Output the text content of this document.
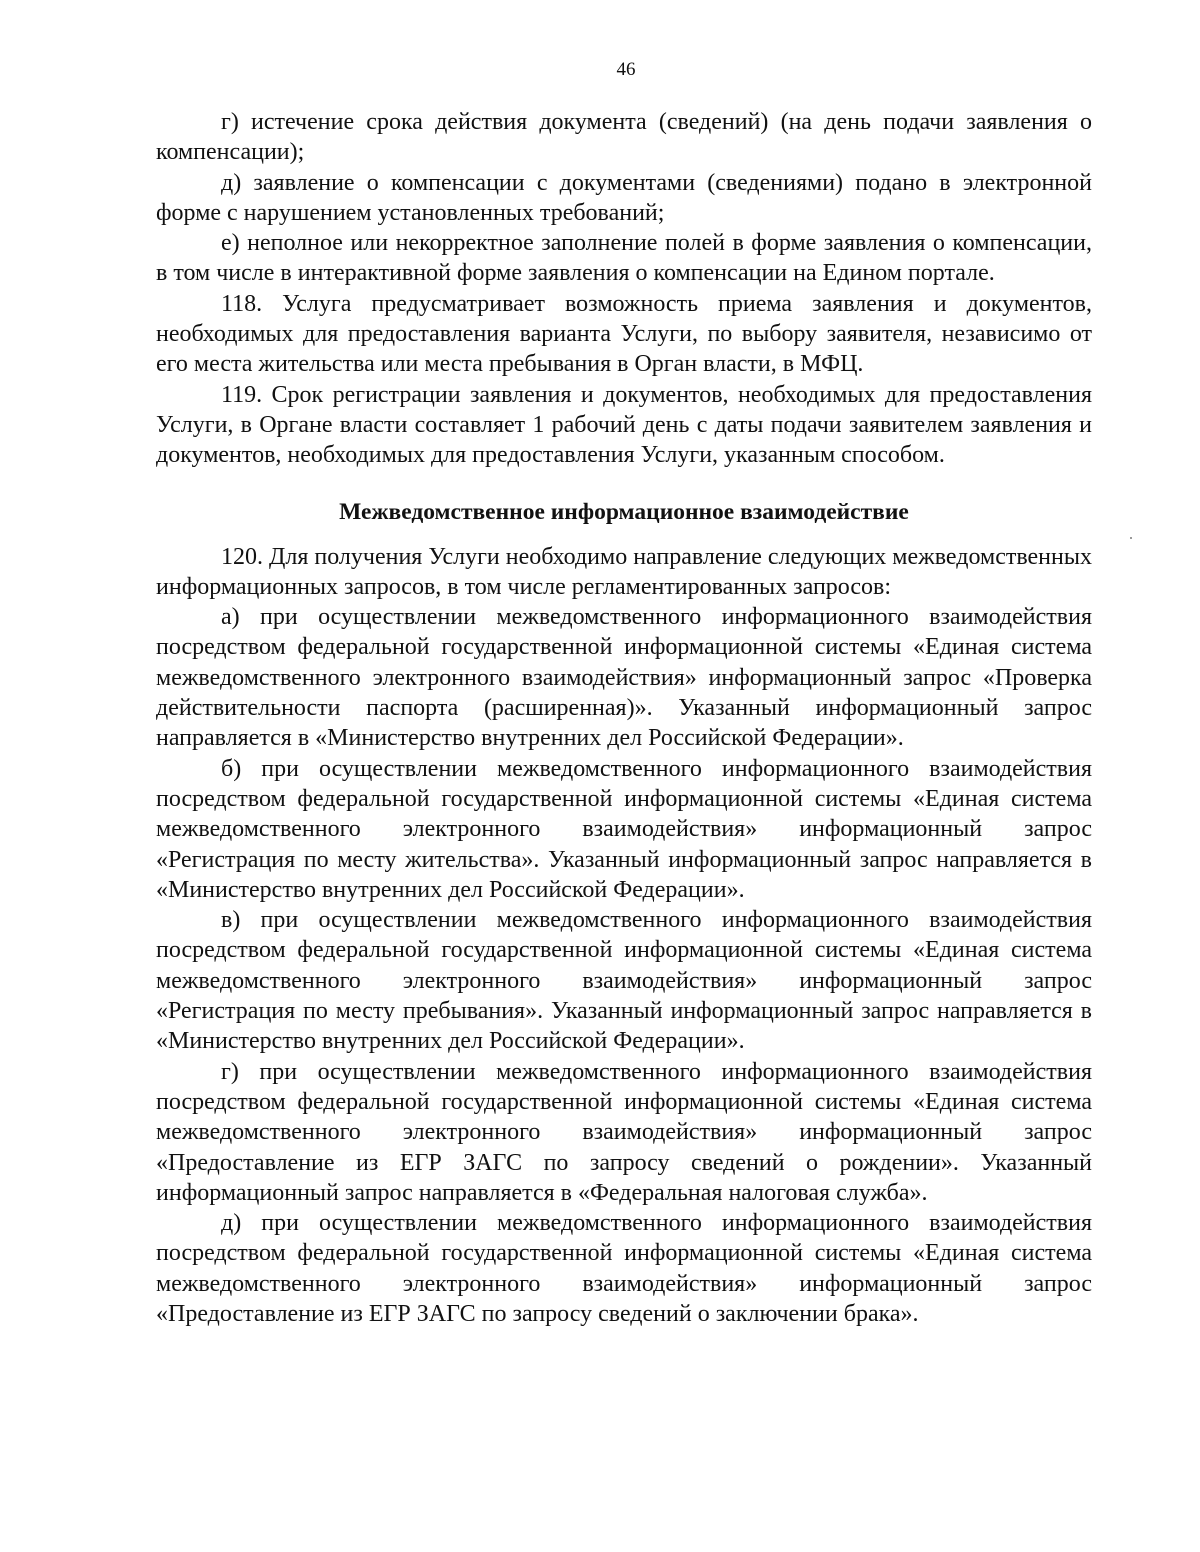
46

г) истечение срока действия документа (сведений) (на день подачи заявления о компенсации);

д) заявление о компенсации с документами (сведениями) подано в электронной форме с нарушением установленных требований;

е) неполное или некорректное заполнение полей в форме заявления о компенсации, в том числе в интерактивной форме заявления о компенсации на Едином портале.

118. Услуга предусматривает возможность приема заявления и документов, необходимых для предоставления варианта Услуги, по выбору заявителя, независимо от его места жительства или места пребывания в Орган власти, в МФЦ.

119. Срок регистрации заявления и документов, необходимых для предоставления Услуги, в Органе власти составляет 1 рабочий день с даты подачи заявителем заявления и документов, необходимых для предоставления Услуги, указанным способом.

Межведомственное информационное взаимодействие

120. Для получения Услуги необходимо направление следующих межведомственных информационных запросов, в том числе регламентированных запросов:

а) при осуществлении межведомственного информационного взаимодействия посредством федеральной государственной информационной системы «Единая система межведомственного электронного взаимодействия» информационный запрос «Проверка действительности паспорта (расширенная)». Указанный информационный запрос направляется в «Министерство внутренних дел Российской Федерации».

б) при осуществлении межведомственного информационного взаимодействия посредством федеральной государственной информационной системы «Единая система межведомственного электронного взаимодействия» информационный запрос «Регистрация по месту жительства». Указанный информационный запрос направляется в «Министерство внутренних дел Российской Федерации».

в) при осуществлении межведомственного информационного взаимодействия посредством федеральной государственной информационной системы «Единая система межведомственного электронного взаимодействия» информационный запрос «Регистрация по месту пребывания». Указанный информационный запрос направляется в «Министерство внутренних дел Российской Федерации».

г) при осуществлении межведомственного информационного взаимодействия посредством федеральной государственной информационной системы «Единая система межведомственного электронного взаимодействия» информационный запрос «Предоставление из ЕГР ЗАГС по запросу сведений о рождении». Указанный информационный запрос направляется в «Федеральная налоговая служба».

д) при осуществлении межведомственного информационного взаимодействия посредством федеральной государственной информационной системы «Единая система межведомственного электронного взаимодействия» информационный запрос «Предоставление из ЕГР ЗАГС по запросу сведений о заключении брака».
